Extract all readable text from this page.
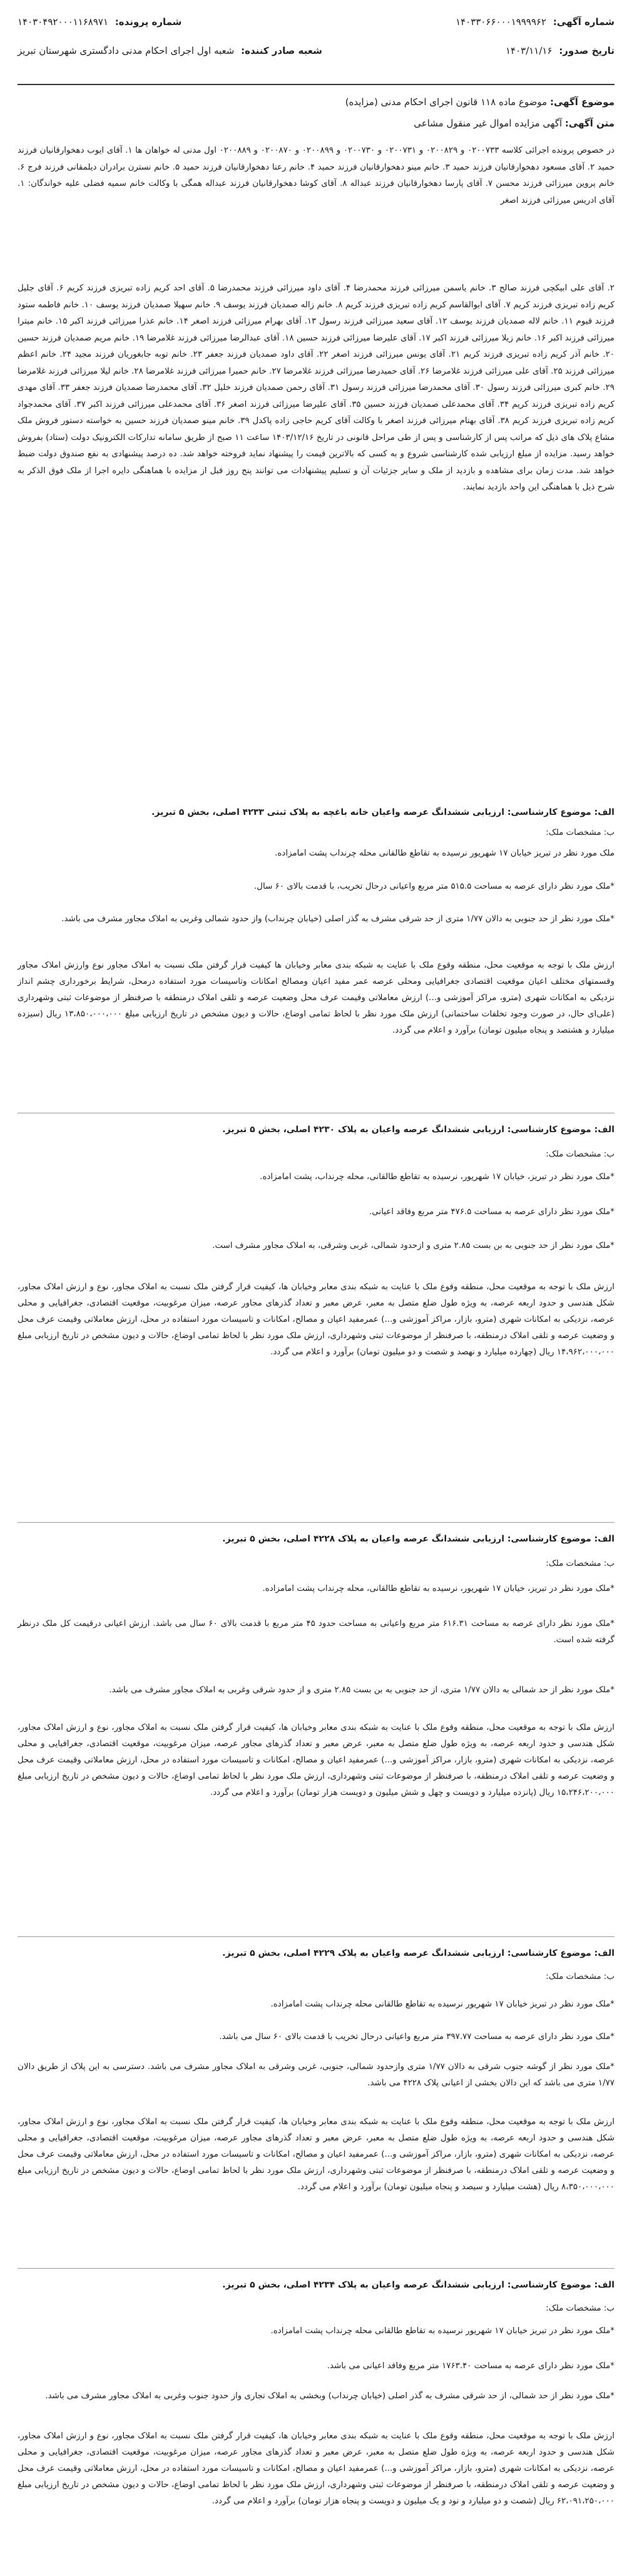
شماره آگهی: ۱۴۰۳۳۰۶۶۰۰۰۱۹۹۹۹۶۲
شماره پرونده: ۱۴۰۳۰۴۹۲۰۰۰۱۱۶۸۹۷۱
تاریخ صدور: ۱۴۰۳/۱۱/۱۶
شعبه صادر کننده: شعبه اول اجرای احکام مدنی دادگستری شهرستان تبریز
موضوع آگهی: موضوع ماده ۱۱۸ قانون اجرای احکام مدنی (مزایده)
متن آگهی: آگهی مزایده اموال غیر منقول مشاعی

در خصوص پرونده اجرائی کلاسه ۰۲۰۰۷۳۳ و ۰۲۰۰۸۲۹ و ۰۲۰۰۷۳۱ و ۰۲۰۰۷۳۰ و ۰۲۰۰۸۹۹ و ۰۲۰۰۸۷۰ و ۰۲۰۰۸۸۹ اول مدنی له خواهان ها ۱. آقای ایوب دهخوارقانیان فرزند حمید ۲. آقای مسعود دهخوارقانیان فرزند حمید ۳. خانم مینو دهخوارقانیان فرزند حمید ۴. خانم رعنا دهخوارقانیان فرزند حمید ۵. خانم نسترن برادران دیلمقانی فرزند فرج ۶. خانم پروین میرزائی فرزند محسن ۷. آقای پارسا دهخوارقانیان فرزند عبداله ۸. آقای کوشا دهخوارقانیان فرزند عبداله همگی با وکالت خانم سمیه فضلی علیه خواندگان: ۱. آقای ادریس میرزائی فرزند اصغر

۲. آقای علی ابیکچی فرزند صالح ۳. خانم یاسمن میرزائی فرزند محمدرضا ۴. آقای داود میرزائی فرزند محمدرضا ۵. آقای احد کریم زاده تبریزی فرزند کریم ۶. آقای جلیل کریم زاده تبریزی فرزند کریم ۷. آقای ابوالقاسم کریم زاده تبریزی فرزند کریم ۸. خانم زاله صمدیان فرزند یوسف ۹. خانم سهیلا صمدیان فرزند یوسف ۱۰. خانم فاطمه ستود فرزند قیوم ۱۱. خانم لاله صمدیان فرزند یوسف ۱۲. آقای سعید میرزائی فرزند رسول ۱۳. آقای بهرام میرزائی فرزند اصغر ۱۴. خانم عذرا میرزائی فرزند اکبر ۱۵. خانم میترا میرزائی فرزند اکبر ۱۶. خانم زیلا میرزائی فرزند اکبر ۱۷. آقای علیرضا میرزائی فرزند حسین ۱۸. آقای عبدالرضا میرزائی فرزند غلامرضا ۱۹. خانم مریم صمدیان فرزند حسین ۲۰. خانم آذر کریم زاده تبریزی فرزند کریم ۲۱. آقای یونس میرزائی فرزند اصغر ۲۲. آقای داود صمدیان فرزند جعفر ۲۳. خانم توبه جابغوریان فرزند مجید ۲۴. خانم اعظم میرزائی فرزند ۲۵. آقای علی میرزائی فرزند غلامرضا ۲۶. آقای حمیدرضا میرزائی فرزند غلامرضا ۲۷. خانم حمیرا میرزائی فرزند غلامرضا ۲۸. خانم لیلا میرزائی فرزند غلامرضا ۲۹. خانم کبری میرزائی فرزند رسول ۳۰. آقای محمدرضا میرزائی فرزند رسول ۳۱. آقای رحمن صمدیان فرزند خلیل ۳۲. آقای محمدرضا صمدیان فرزند جعفر ۳۳. آقای مهدی کریم زاده تبریزی فرزند کریم ۳۴. آقای محمدعلی صمدیان فرزند حسین ۳۵. آقای علیرضا میرزائی فرزند اصغر ۳۶. آقای محمدعلی میرزائی فرزند اکبر ۳۷. آقای محمدجواد کریم زاده تبریزی فرزند کریم ۳۸. آقای بهنام میرزائی فرزند اصغر با وکالت آقای کریم حاجی زاده پاکدل ۳۹. خانم مینو صمدیان فرزند حسین به خواسته دستور فروش ملک مشاع پلاک های ذیل که مراتب پس از کارشناسی و پس از طی مراحل قانونی در تاریخ ۱۴۰۳/۱۲/۱۶ ساعت ۱۱ صبح از طریق سامانه تدارکات الکترونیک دولت (ستاد) بفروش خواهد رسید. مزایده از مبلغ ارزیابی شده کارشناسی شروع و به کسی که بالاترین قیمت را پیشنهاد نماید فروخته خواهد شد. ده درصد پیشنهادی به نفع صندوق دولت ضبط خواهد شد. مدت زمان برای مشاهده و بازدید از ملک و سایر جزئیات آن و تسلیم پیشنهادات می توانند پنج روز قبل از مزایده با هماهنگی دایره اجرا از ملک فوق الذکر به شرح ذیل با هماهنگی این واحد بازدید نمایند.

الف: موضوع کارشناسی: ارزیابی ششدانگ عرصه واعیان خانه باغچه به پلاک ثبتی ۴۲۳۳ اصلی، بخش ۵ تبریز.
ب: مشخصات ملک:
ملک مورد نظر در تبریز خیابان ۱۷ شهریور نرسیده به تقاطع طالقانی محله چرنداب پشت امامزاده.
*ملک مورد نظر دارای عرصه به مساحت ۵۱۵.۵ متر مربع واعیانی درحال تخریب، با قدمت بالای ۶۰ سال.
*ملک مورد نظر از حد جنوبی به دالان ۱/۷۷ متری از حد شرقی مشرف به گذر اصلی (خیابان چرنداب) واز حدود شمالی وغربی به املاک مجاور مشرف می باشد.
ارزش ملک با توجه به موقعیت محل، منطقه وقوع ملک با عنایت به شبکه بندی معابر وخیابان ها کیفیت قرار گرفتن ملک نسبت به املاک مجاور نوع وارزش املاک مجاور وقسمتهای مختلف اعیان موقعیت اقتصادی جغرافیایی ومحلی عرصه عمر مفید اعیان ومصالح امکانات وتاسیسات مورد استفاده درمحل، شرایط برخورداری چشم انداز نزدیکی به امکانات شهری (مترو، مراکز آموزشی و...) ارزش معاملاتی وقیمت عرف محل وضعیت عرصه و تلقی املاک درمنطقه با صرفنظر از موضوعات ثبتی وشهرداری (علی‌ای حال، در صورت وجود تخلفات ساختمانی) ارزش ملک مورد نظر با لحاظ تمامی اوضاع، حالات و دیون مشخص در تاریخ ارزیابی مبلغ ۱۳،۸۵۰،۰۰۰،۰۰۰ ریال (سیزده میلیارد و هشتصد و پنجاه میلیون تومان) برآورد و اعلام می گردد.
الف: موضوع کارشناسی: ارزیابی ششدانگ عرصه واعیان به پلاک ۴۲۳۰ اصلی، بخش ۵ تبریز.
ب: مشخصات ملک:
*ملک مورد نظر در تبریز، خیابان ۱۷ شهریور، نرسیده به تقاطع طالقانی، محله چرنداب، پشت امامزاده.
*ملک مورد نظر دارای عرصه به مساحت ۴۷۶.۵ متر مربع وفاقد اعیانی.
*ملک مورد نظر از حد جنوبی به بن بست ۲.۸۵ متری و ازحدود شمالی، غربی وشرقی، به املاک مجاور مشرف است.
ارزش ملک با توجه به موقعیت محل، منطقه وقوع ملک با عنایت به شبکه بندی معابر وخیابان ها، کیفیت قرار گرفتن ملک نسبت به املاک مجاور، نوع و ارزش املاک مجاور، شکل هندسی و حدود اربعه عرصه، به ویژه طول ضلع متصل به معبر، عرض معبر و تعداد گذرهای مجاور عرصه، میزان مرغوبیت، موقعیت اقتصادی، جغرافیایی و محلی عرصه، نزدیکی به امکانات شهری (مترو، بازار، مراکز آموزشی و...) عمرمفید اعیان و مصالح، امکانات و تاسیسات مورد استفاده در محل، ارزش معاملاتی وقیمت عرف محل و وضعیت عرصه و تلقی املاک درمنطقه، با صرفنظر از موضوعات ثبتی وشهرداری، ارزش ملک مورد نظر با لحاظ تمامی اوضاع، حالات و دیون مشخص در تاریخ ارزیابی مبلغ ۱۴،۹۶۲،۰۰۰،۰۰۰ ریال (چهارده میلیارد و نهصد و شصت و دو میلیون تومان) برآورد و اعلام می گردد.
الف: موضوع کارشناسی: ارزیابی ششدانگ عرصه واعیان به پلاک ۴۲۲۸ اصلی، بخش ۵ تبریز.
ب: مشخصات ملک:
*ملک مورد نظر در تبریز، خیابان ۱۷ شهریور، نرسیده به تقاطع طالقانی، محله چرنداب پشت امامزاده.
*ملک مورد نظر دارای عرصه به مساحت ۶۱۶.۳۱ متر مربع واعیانی به مساحت حدود ۴۵ متر مربع با قدمت بالای ۶۰ سال می باشد. ارزش اعیانی درقیمت کل ملک درنظر گرفته شده است.
*ملک مورد نظر از حد شمالی به دالان ۱/۷۷ متری، از حد جنوبی به بن بست ۲.۸۵ متری و از حدود شرقی وغربی به املاک مجاور مشرف می باشد.
ارزش ملک با توجه به موقعیت محل، منطقه وقوع ملک با عنایت به شبکه بندی معابر وخیابان ها، کیفیت قرار گرفتن ملک نسبت به املاک مجاور، نوع و ارزش املاک مجاور، شکل هندسی و حدود اربعه عرصه، به ویژه طول ضلع متصل به معبر، عرض معبر و تعداد گذرهای مجاور عرصه، میزان مرغوبیت، موقعیت اقتصادی، جغرافیایی و محلی عرصه، نزدیکی به امکانات شهری (مترو، بازار، مراکز آموزشی و...) عمرمفید اعیان و مصالح، امکانات و تاسیسات مورد استفاده در محل، ارزش معاملاتی وقیمت عرف محل و وضعیت عرصه و تلقی املاک درمنطقه، با صرفنظر از موضوعات ثبتی وشهرداری، ارزش ملک مورد نظر با لحاظ تمامی اوضاع، حالات و دیون مشخص در تاریخ ارزیابی مبلغ ۱۵،۲۴۶،۲۰۰،۰۰۰ ریال (پانزده میلیارد و دویست و چهل و شش میلیون و دویست هزار تومان) برآورد و اعلام می گردد.
الف: موضوع کارشناسی: ارزیابی ششدانگ عرصه واعیان به پلاک ۴۲۲۹ اصلی، بخش ۵ تبریز.
ب: مشخصات ملک:
*ملک مورد نظر در تبریز خیابان ۱۷ شهریور نرسیده به تقاطع طالقانی محله چرنداب پشت امامزاده.
*ملک مورد نظر دارای عرصه به مساحت ۳۹۷.۷۷ متر مربع واعیانی درحال تخریب با قدمت بالای ۶۰ سال می باشد.
*ملک مورد نظر از گوشه جنوب شرقی به دالان ۱/۷۷ متری وازحدود شمالی، جنوبی، غربی وشرقی به املاک مجاور مشرف می باشد. دسترسی به این پلاک از طریق دالان ۱/۷۷ متری می باشد که این دالان بخشی از اعیانی پلاک ۴۲۲۸ می باشد.
ارزش ملک با توجه به موقعیت محل، منطقه وقوع ملک با عنایت به شبکه بندی معابر وخیابان ها، کیفیت قرار گرفتن ملک نسبت به املاک مجاور، نوع و ارزش املاک مجاور، شکل هندسی و حدود اربعه عرصه، به ویژه طول ضلع متصل به معبر، عرض معبر و تعداد گذرهای مجاور عرصه، میزان مرغوبیت، موقعیت اقتصادی، جغرافیایی و محلی عرصه، نزدیکی به امکانات شهری (مترو، بازار، مراکز آموزشی و...) عمرمفید اعیان و مصالح، امکانات و تاسیسات مورد استفاده در محل، ارزش معاملاتی وقیمت عرف محل و وضعیت عرصه و تلقی املاک درمنطقه، با صرفنظر از موضوعات ثبتی وشهرداری، ارزش ملک مورد نظر با لحاظ تمامی اوضاع، حالات و دیون مشخص در تاریخ ارزیابی مبلغ ۸،۳۵۰،۰۰۰،۰۰۰ ریال (هشت میلیارد و سیصد و پنجاه میلیون تومان) برآورد و اعلام می گردد.
الف: موضوع کارشناسی: ارزیابی ششدانگ عرصه واعیان به پلاک ۴۲۳۴ اصلی، بخش ۵ تبریز.
ب: مشخصات ملک:
*ملک مورد نظر در تبریز خیابان ۱۷ شهریور نرسیده به تقاطع طالقانی محله چرنداب پشت امامزاده.
*ملک مورد نظر دارای عرصه به مساحت ۱۷۶۳.۴۰ متر مربع وفاقد اعیانی می باشد.
*ملک مورد نظر از حد شمالی، از حد شرقی مشرف به گذر اصلی (خیابان چرنداب) وبخشی به املاک تجاری واز حدود جنوب وغربی به املاک مجاور مشرف می باشد.
ارزش ملک با توجه به موقعیت محل، منطقه وقوع ملک با عنایت به شبکه بندی معابر وخیابان ها، کیفیت قرار گرفتن ملک نسبت به املاک مجاور، نوع و ارزش املاک مجاور، شکل هندسی و حدود اربعه عرصه، به ویژه طول ضلع متصل به معبر، عرض معبر و تعداد گذرهای مجاور عرصه، میزان مرغوبیت، موقعیت اقتصادی، جغرافیایی و محلی عرصه، نزدیکی به امکانات شهری (مترو، بازار، مراکز آموزشی و...) عمرمفید اعیان و مصالح، امکانات و تاسیسات مورد استفاده در محل، ارزش معاملاتی وقیمت عرف محل و وضعیت عرصه و تلقی املاک درمنطقه، با صرفنظر از موضوعات ثبتی وشهرداری، ارزش ملک مورد نظر با لحاظ تمامی اوضاع، حالات و دیون مشخص در تاریخ ارزیابی مبلغ ۶۲،۰۹۱،۲۵۰،۰۰۰ ریال (شصت و دو میلیارد و نود و یک میلیون و دویست و پنجاه هزار تومان) برآورد و اعلام می گردد.
